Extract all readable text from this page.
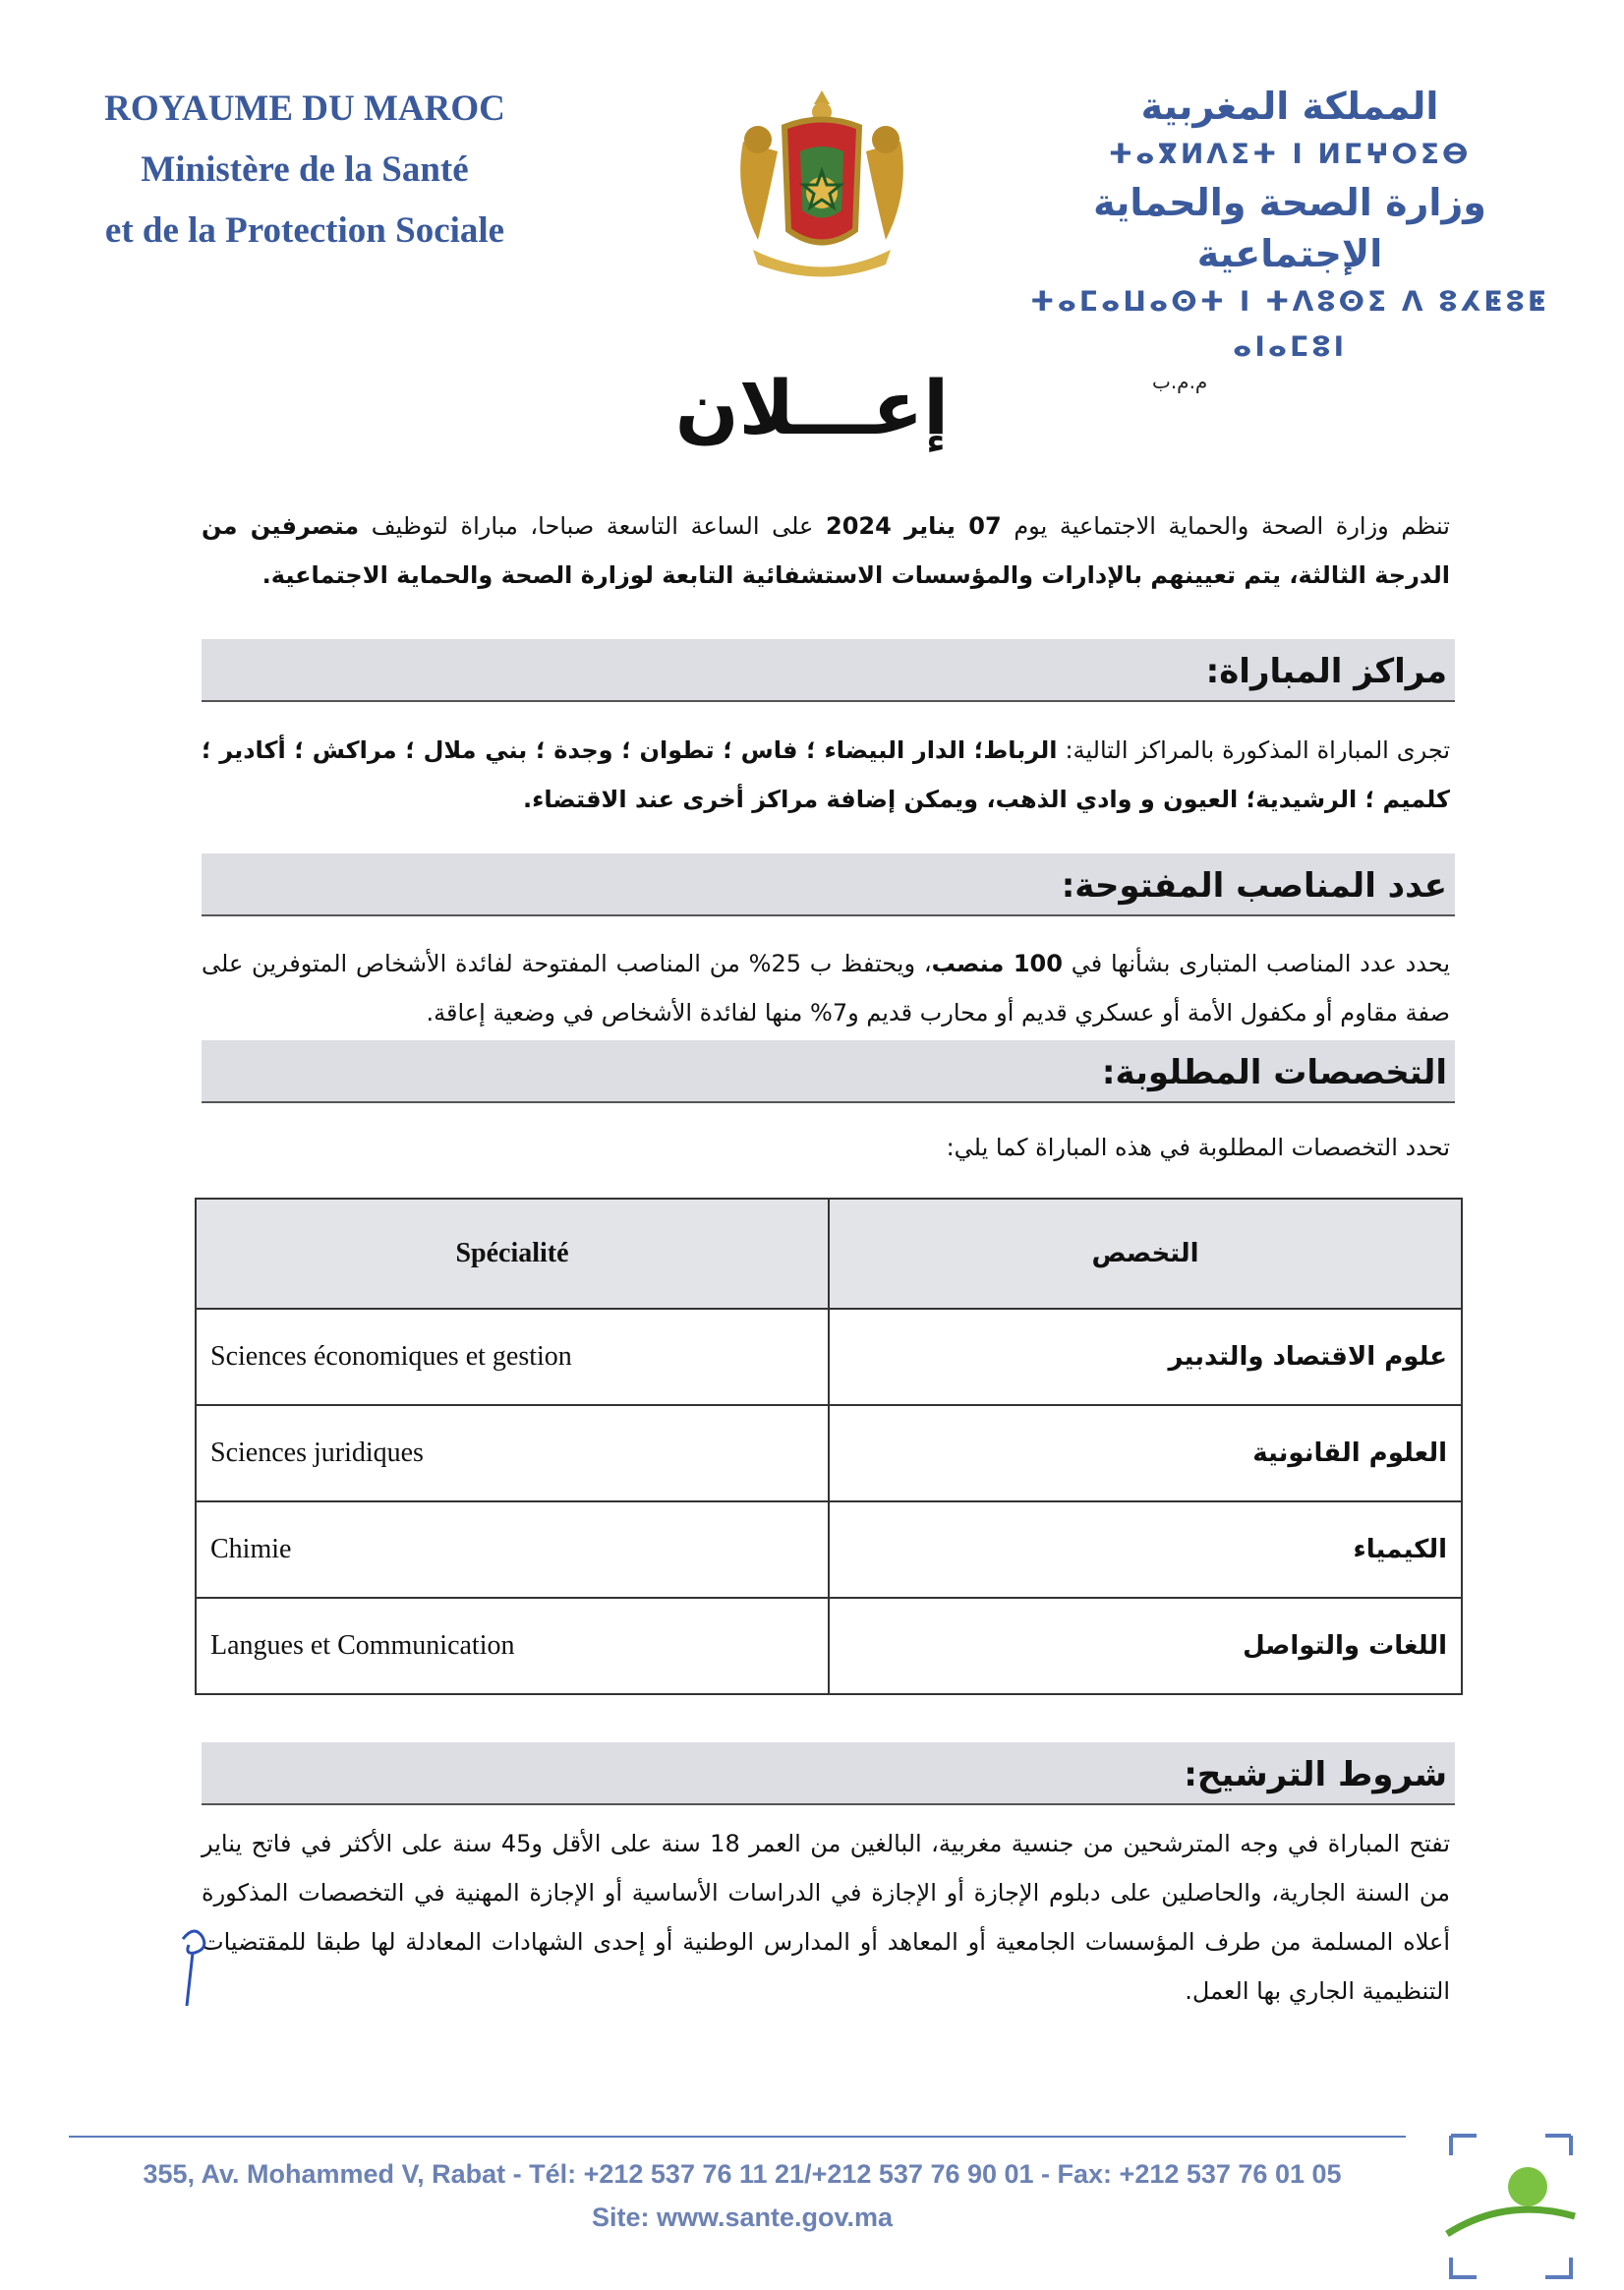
ROYAUME DU MAROC
Ministère de la Santé
et de la Protection Sociale
المملكة المغربية
ⵜⴰⴳⵍⴷⵉⵜ ⵏ ⵍⵎⵖⵔⵉⴱ
وزارة الصحة والحماية الإجتماعية
ⵜⴰⵎⴰⵡⴰⵙⵜ ⵏ ⵜⴷⵓⵙⵉ ⴷ ⵓⵃⵟⵓⵟ ⴰⵏⴰⵎⵓⵏ
م.م.ب
إعـــلان
تنظم وزارة الصحة والحماية الاجتماعية يوم 07 يناير 2024 على الساعة التاسعة صباحا، مباراة لتوظيف متصرفين من الدرجة الثالثة، يتم تعيينهم بالإدارات والمؤسسات الاستشفائية التابعة لوزارة الصحة والحماية الاجتماعية.
مراكز المباراة:
تجرى المباراة المذكورة بالمراكز التالية: الرباط؛ الدار البيضاء ؛ فاس ؛ تطوان ؛ وجدة ؛ بني ملال ؛ مراكش ؛ أكادير ؛ كلميم ؛ الرشيدية؛ العيون و وادي الذهب، ويمكن إضافة مراكز أخرى عند الاقتضاء.
عدد المناصب المفتوحة:
يحدد عدد المناصب المتبارى بشأنها في 100 منصب، ويحتفظ ب 25% من المناصب المفتوحة لفائدة الأشخاص المتوفرين على صفة مقاوم أو مكفول الأمة أو عسكري قديم أو محارب قديم و7% منها لفائدة الأشخاص في وضعية إعاقة.
التخصصات المطلوبة:
تحدد التخصصات المطلوبة في هذه المباراة كما يلي:
Spécialité	التخصص
Sciences économiques et gestion	علوم الاقتصاد والتدبير
Sciences juridiques	العلوم القانونية
Chimie	الكيمياء
Langues et Communication	اللغات والتواصل
شروط الترشيح:
تفتح المباراة في وجه المترشحين من جنسية مغربية، البالغين من العمر 18 سنة على الأقل و45 سنة على الأكثر في فاتح يناير من السنة الجارية، والحاصلين على دبلوم الإجازة أو الإجازة في الدراسات الأساسية أو الإجازة المهنية في التخصصات المذكورة أعلاه المسلمة من طرف المؤسسات الجامعية أو المعاهد أو المدارس الوطنية أو إحدى الشهادات المعادلة لها طبقا للمقتضيات التنظيمية الجاري بها العمل.
355, Av. Mohammed V, Rabat - Tél: +212 537 76 11 21/+212 537 76 90 01 - Fax: +212 537 76 01 05
Site: www.sante.gov.ma
